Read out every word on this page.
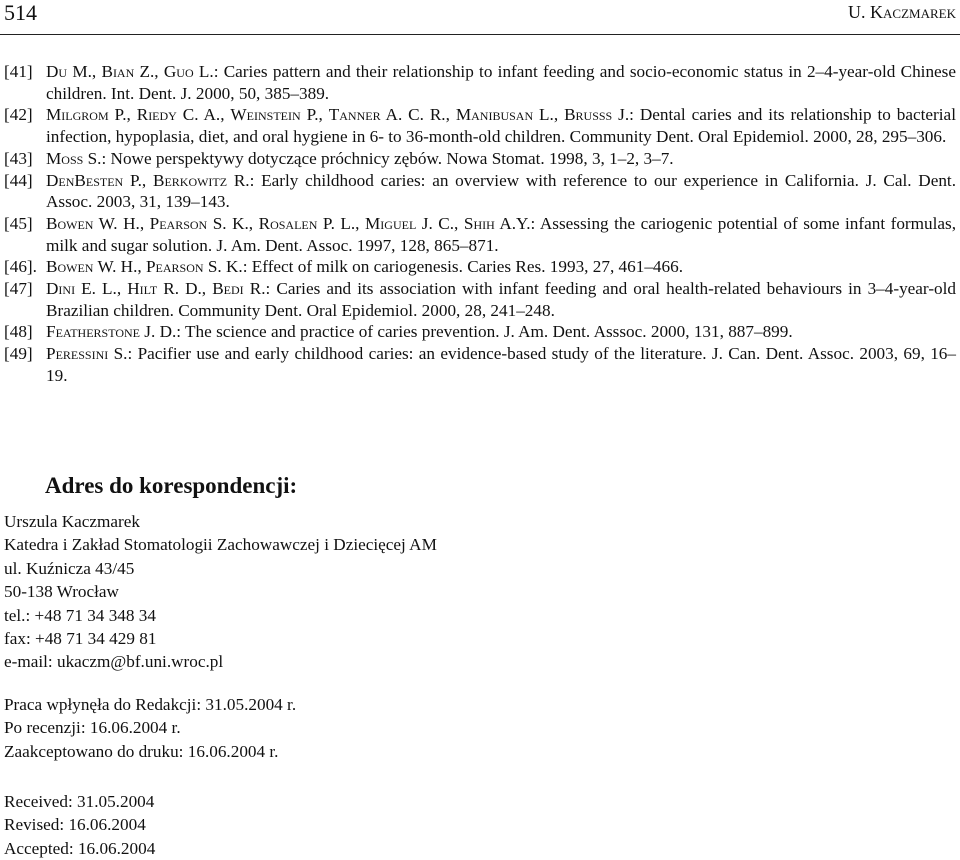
514	U. Kaczmarek
[41] Du M., Bian Z., Guo L.: Caries pattern and their relationship to infant feeding and socio-economic status in 2–4-year-old Chinese children. Int. Dent. J. 2000, 50, 385–389.
[42] Milgrom P., Riedy C. A., Weinstein P., Tanner A. C. R., Manibusan L., Brusss J.: Dental caries and its relationship to bacterial infection, hypoplasia, diet, and oral hygiene in 6- to 36-month-old children. Community Dent. Oral Epidemiol. 2000, 28, 295–306.
[43] Moss S.: Nowe perspektywy dotyczące próchnicy zębów. Nowa Stomat. 1998, 3, 1–2, 3–7.
[44] DenBesten P., Berkowitz R.: Early childhood caries: an overview with reference to our experience in California. J. Cal. Dent. Assoc. 2003, 31, 139–143.
[45] Bowen W. H., Pearson S. K., Rosalen P. L., Miguel J. C., Shih A.Y.: Assessing the cariogenic potential of some infant formulas, milk and sugar solution. J. Am. Dent. Assoc. 1997, 128, 865–871.
[46]. Bowen W. H., Pearson S. K.: Effect of milk on cariogenesis. Caries Res. 1993, 27, 461–466.
[47] Dini E. L., Hilt R. D., Bedi R.: Caries and its association with infant feeding and oral health-related behaviours in 3–4-year-old Brazilian children. Community Dent. Oral Epidemiol. 2000, 28, 241–248.
[48] Featherstone J. D.: The science and practice of caries prevention. J. Am. Dent. Asssoc. 2000, 131, 887–899.
[49] Peressini S.: Pacifier use and early childhood caries: an evidence-based study of the literature. J. Can. Dent. Assoc. 2003, 69, 16–19.
Adres do korespondencji:
Urszula Kaczmarek
Katedra i Zakład Stomatologii Zachowawczej i Dziecięcej AM
ul. Kuźnicza 43/45
50-138 Wrocław
tel.: +48 71 34 348 34
fax: +48 71 34 429 81
e-mail: ukaczm@bf.uni.wroc.pl
Praca wpłynęła do Redakcji: 31.05.2004 r.
Po recenzji: 16.06.2004 r.
Zaakceptowano do druku: 16.06.2004 r.
Received: 31.05.2004
Revised: 16.06.2004
Accepted: 16.06.2004
